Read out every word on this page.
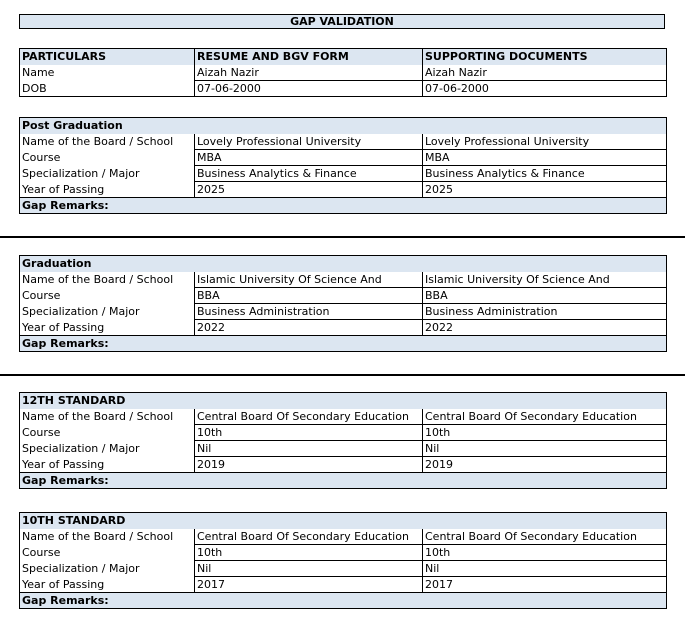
GAP VALIDATION
PARTICULARS	RESUME AND BGV FORM	SUPPORTING DOCUMENTS
Name	Aizah Nazir	Aizah Nazir
DOB	07-06-2000	07-06-2000
Post Graduation		
Name of the Board / School	Lovely Professional University	Lovely Professional University
Course	MBA	MBA
Specialization / Major	Business Analytics & Finance	Business Analytics & Finance
Year of Passing	2025	2025
Gap Remarks:		
Graduation		
Name of the Board / School	Islamic University Of Science And	Islamic University Of Science And
Course	BBA	BBA
Specialization / Major	Business Administration	Business Administration
Year of Passing	2022	2022
Gap Remarks:		
12TH STANDARD		
Name of the Board / School	Central Board Of Secondary Education	Central Board Of Secondary Education
Course	10th	10th
Specialization / Major	Nil	Nil
Year of Passing	2019	2019
Gap Remarks:		
10TH STANDARD		
Name of the Board / School	Central Board Of Secondary Education	Central Board Of Secondary Education
Course	10th	10th
Specialization / Major	Nil	Nil
Year of Passing	2017	2017
Gap Remarks:		
